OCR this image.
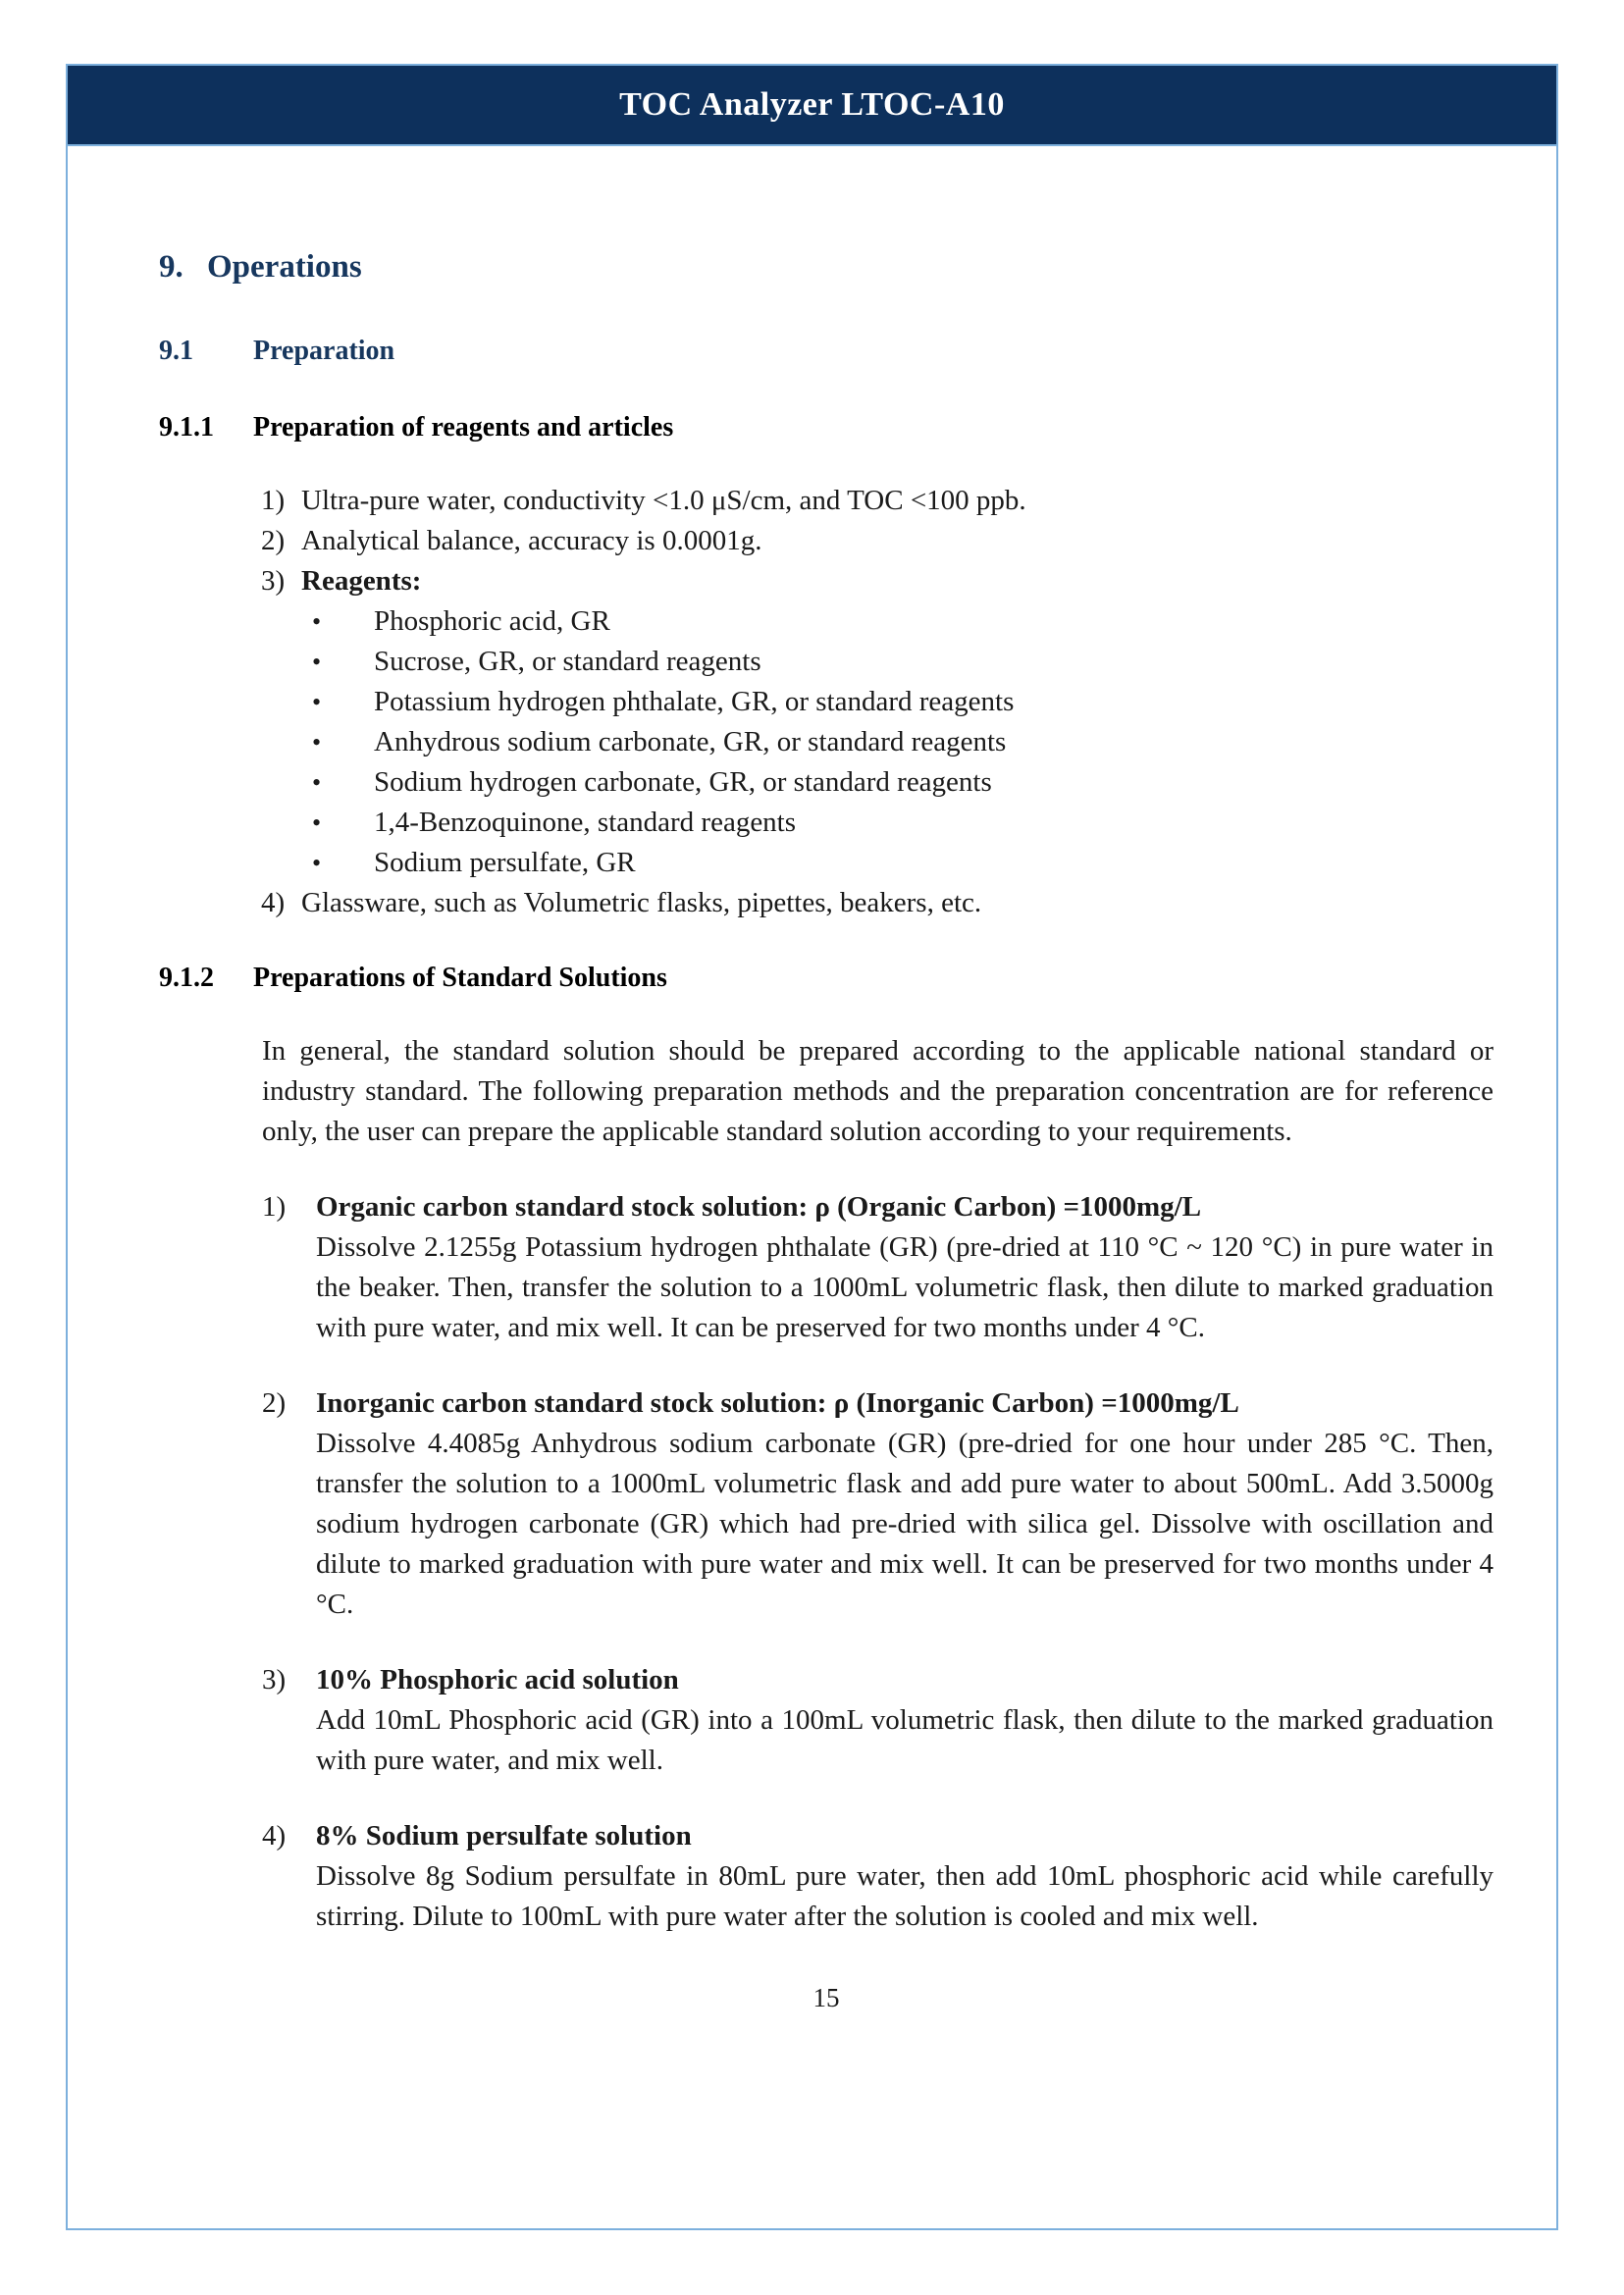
TOC Analyzer LTOC-A10
9. Operations
9.1 Preparation
9.1.1 Preparation of reagents and articles
1) Ultra-pure water, conductivity <1.0 μS/cm, and TOC <100 ppb.
2) Analytical balance, accuracy is 0.0001g.
3) Reagents:
•	Phosphoric acid, GR
•	Sucrose, GR, or standard reagents
•	Potassium hydrogen phthalate, GR, or standard reagents
•	Anhydrous sodium carbonate, GR, or standard reagents
•	Sodium hydrogen carbonate, GR, or standard reagents
•	1,4-Benzoquinone, standard reagents
•	Sodium persulfate, GR
4) Glassware, such as Volumetric flasks, pipettes, beakers, etc.
9.1.2 Preparations of Standard Solutions

In general, the standard solution should be prepared according to the applicable national standard or industry standard. The following preparation methods and the preparation concentration are for reference only, the user can prepare the applicable standard solution according to your requirements.

1)	Organic carbon standard stock solution: ρ (Organic Carbon) =1000mg/L
Dissolve 2.1255g Potassium hydrogen phthalate (GR) (pre-dried at 110 °C ~ 120 °C) in pure water in the beaker. Then, transfer the solution to a 1000mL volumetric flask, then dilute to marked graduation with pure water, and mix well. It can be preserved for two months under 4 °C.
2)	Inorganic carbon standard stock solution: ρ (Inorganic Carbon) =1000mg/L
Dissolve 4.4085g Anhydrous sodium carbonate (GR) (pre-dried for one hour under 285 °C. Then, transfer the solution to a 1000mL volumetric flask and add pure water to about 500mL. Add 3.5000g sodium hydrogen carbonate (GR) which had pre-dried with silica gel. Dissolve with oscillation and dilute to marked graduation with pure water and mix well. It can be preserved for two months under 4 °C.
3)	10% Phosphoric acid solution
Add 10mL Phosphoric acid (GR) into a 100mL volumetric flask, then dilute to the marked graduation with pure water, and mix well.
4)	8% Sodium persulfate solution
Dissolve 8g Sodium persulfate in 80mL pure water, then add 10mL phosphoric acid while carefully stirring. Dilute to 100mL with pure water after the solution is cooled and mix well.
15
